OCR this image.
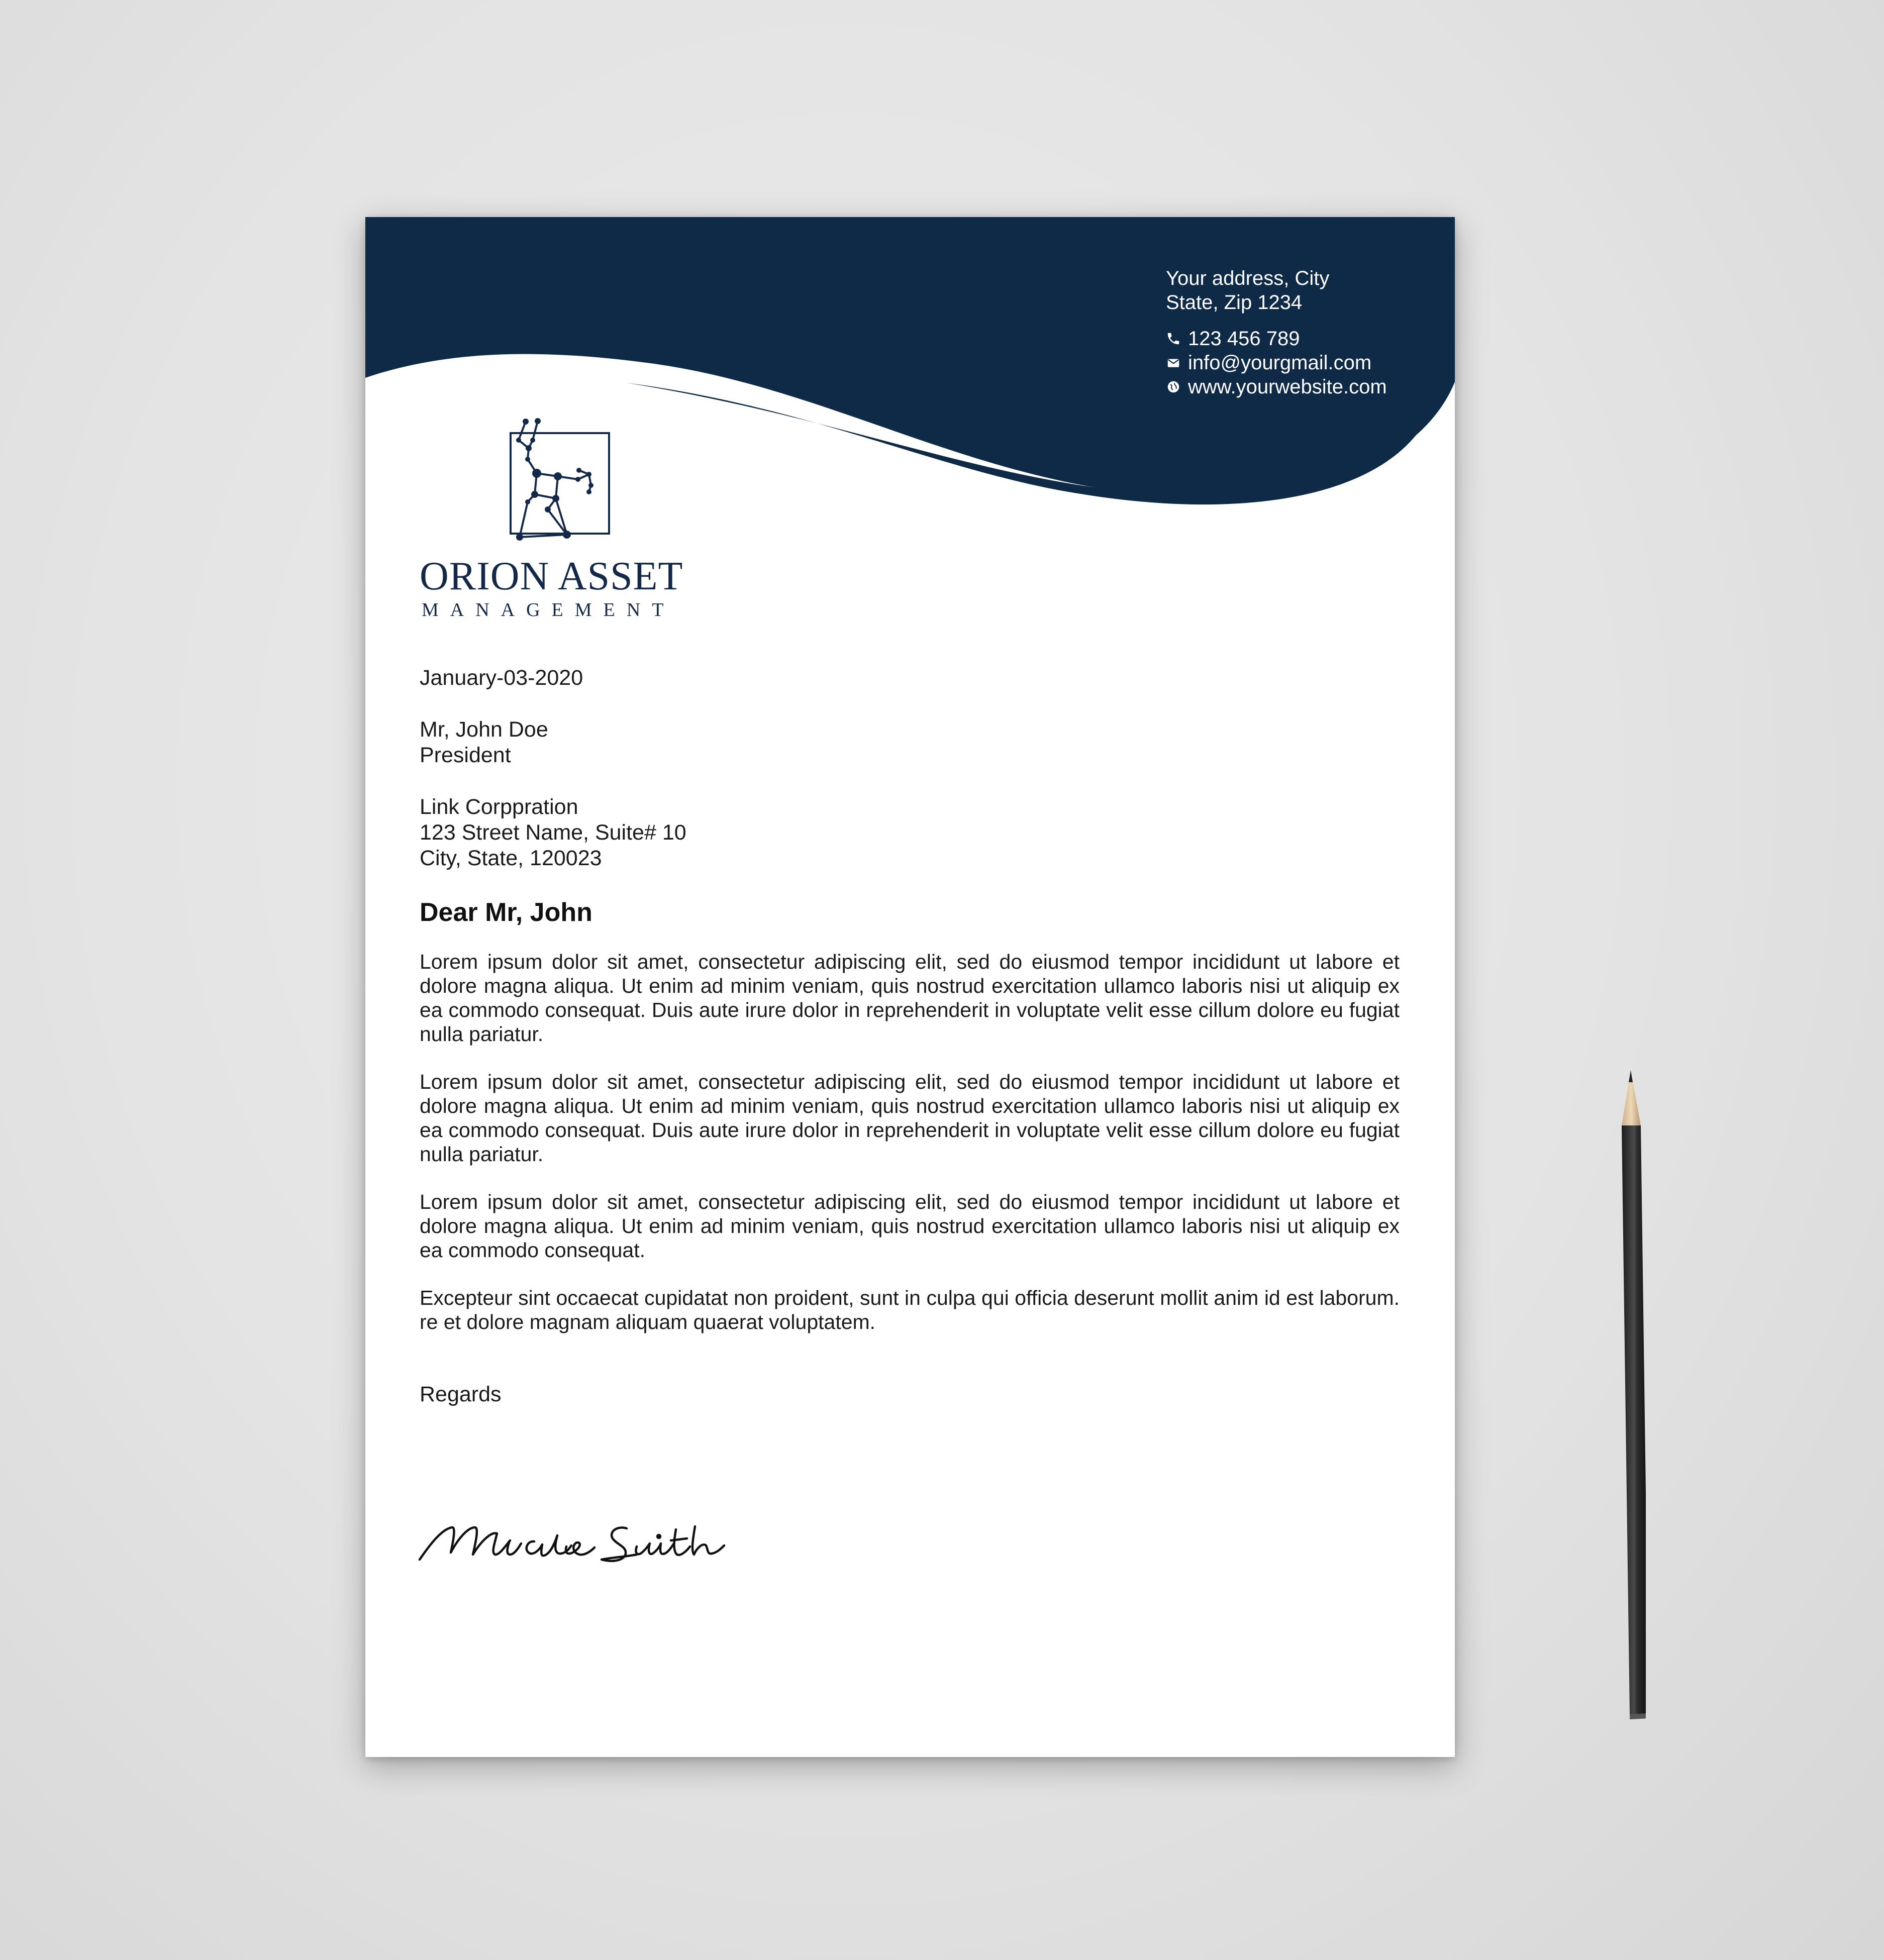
Your address, City
State, Zip 1234
123 456 789
info@yourgmail.com
www.yourwebsite.com
ORION ASSET
MANAGEMENT
January-03-2020
Mr, John Doe
President
Link Corppration
123 Street Name, Suite# 10
City, State, 120023
Dear Mr, John
Lorem ipsum dolor sit amet, consectetur adipiscing elit, sed do eiusmod tempor incididunt ut labore et dolore magna aliqua. Ut enim ad minim veniam, quis nostrud exercitation ullamco laboris nisi ut aliquip ex ea commodo consequat. Duis aute irure dolor in reprehenderit in voluptate velit esse cillum dolore eu fugiat nulla pariatur.
Lorem ipsum dolor sit amet, consectetur adipiscing elit, sed do eiusmod tempor incididunt ut labore et dolore magna aliqua. Ut enim ad minim veniam, quis nostrud exercitation ullamco laboris nisi ut aliquip ex ea commodo consequat. Duis aute irure dolor in reprehenderit in voluptate velit esse cillum dolore eu fugiat nulla pariatur.
Lorem ipsum dolor sit amet, consectetur adipiscing elit, sed do eiusmod tempor incididunt ut labore et dolore magna aliqua. Ut enim ad minim veniam, quis nostrud exercitation ullamco laboris nisi ut aliquip ex ea commodo consequat.
Excepteur sint occaecat cupidatat non proident, sunt in culpa qui officia deserunt mollit anim id est laborum. re et dolore magnam aliquam quaerat voluptatem.
Regards
